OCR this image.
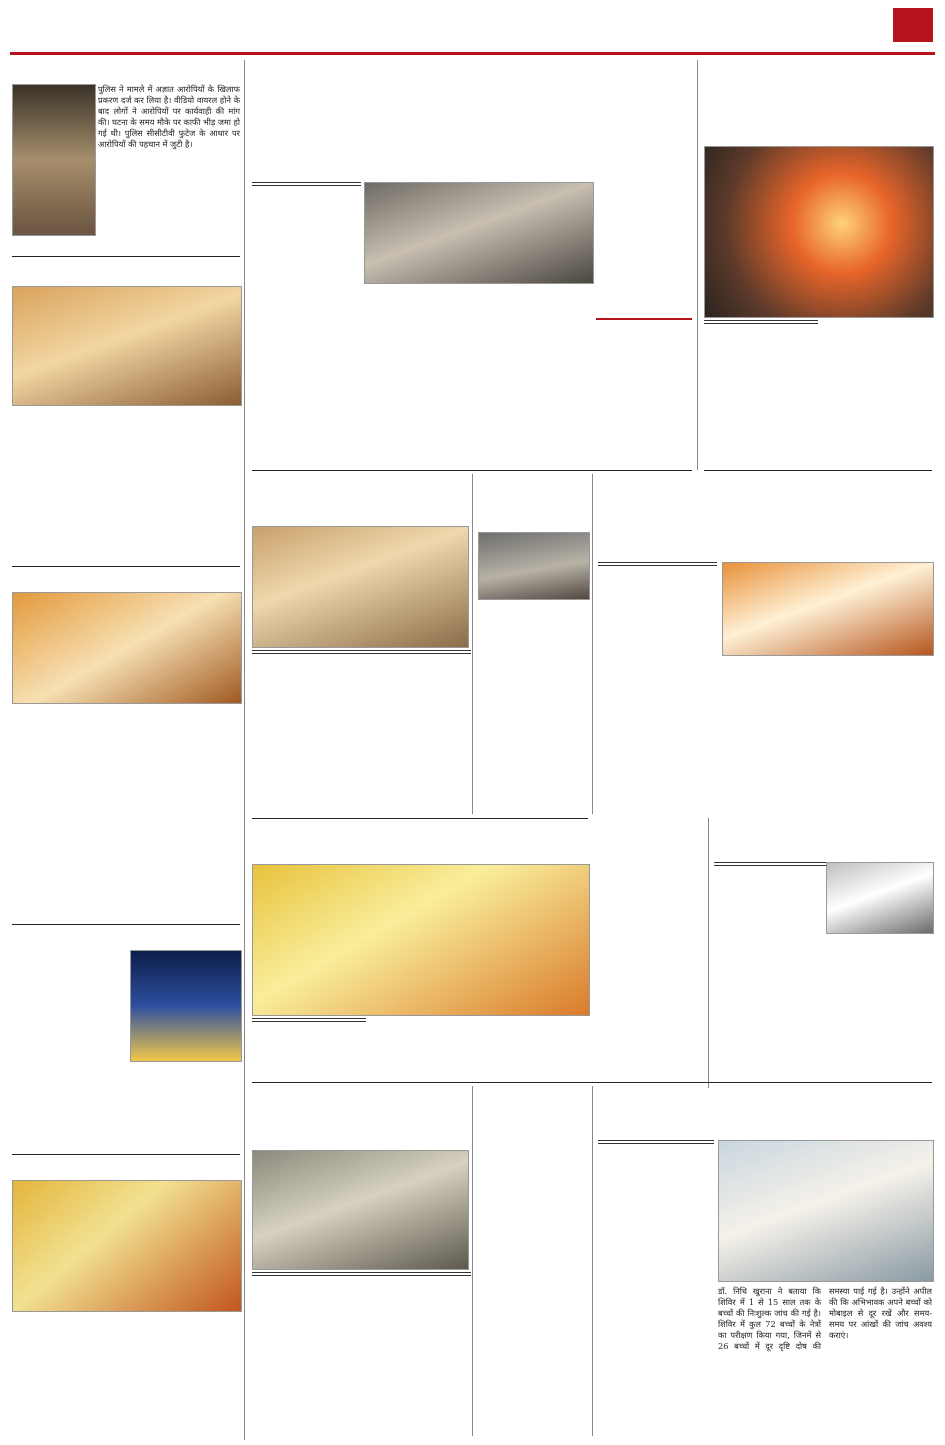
पुलिस ने मामले में अज्ञात आरोपियों के खिलाफ प्रकरण दर्ज कर लिया है। वीडियो वायरल होने के बाद लोगों ने आरोपियों पर कार्यवाही की मांग की। घटना के समय मौके पर काफी भीड़ जमा हो गई थी। पुलिस सीसीटीवी फुटेज के आधार पर आरोपियों की पहचान में जुटी है।
डॉ. निधि खुराना ने बताया कि शिविर में 1 से 15 साल तक के बच्चों की निःशुल्क जांच की गई है। शिविर में कुल 72 बच्चों के नेत्रों का परीक्षण किया गया, जिनमें से 26 बच्चों में दूर दृष्टि दोष की समस्या पाई गई है। उन्होंने अपील की कि अभिभावक अपने बच्चों को मोबाइल से दूर रखें और समय-समय पर आंखों की जांच अवश्य कराएं।
